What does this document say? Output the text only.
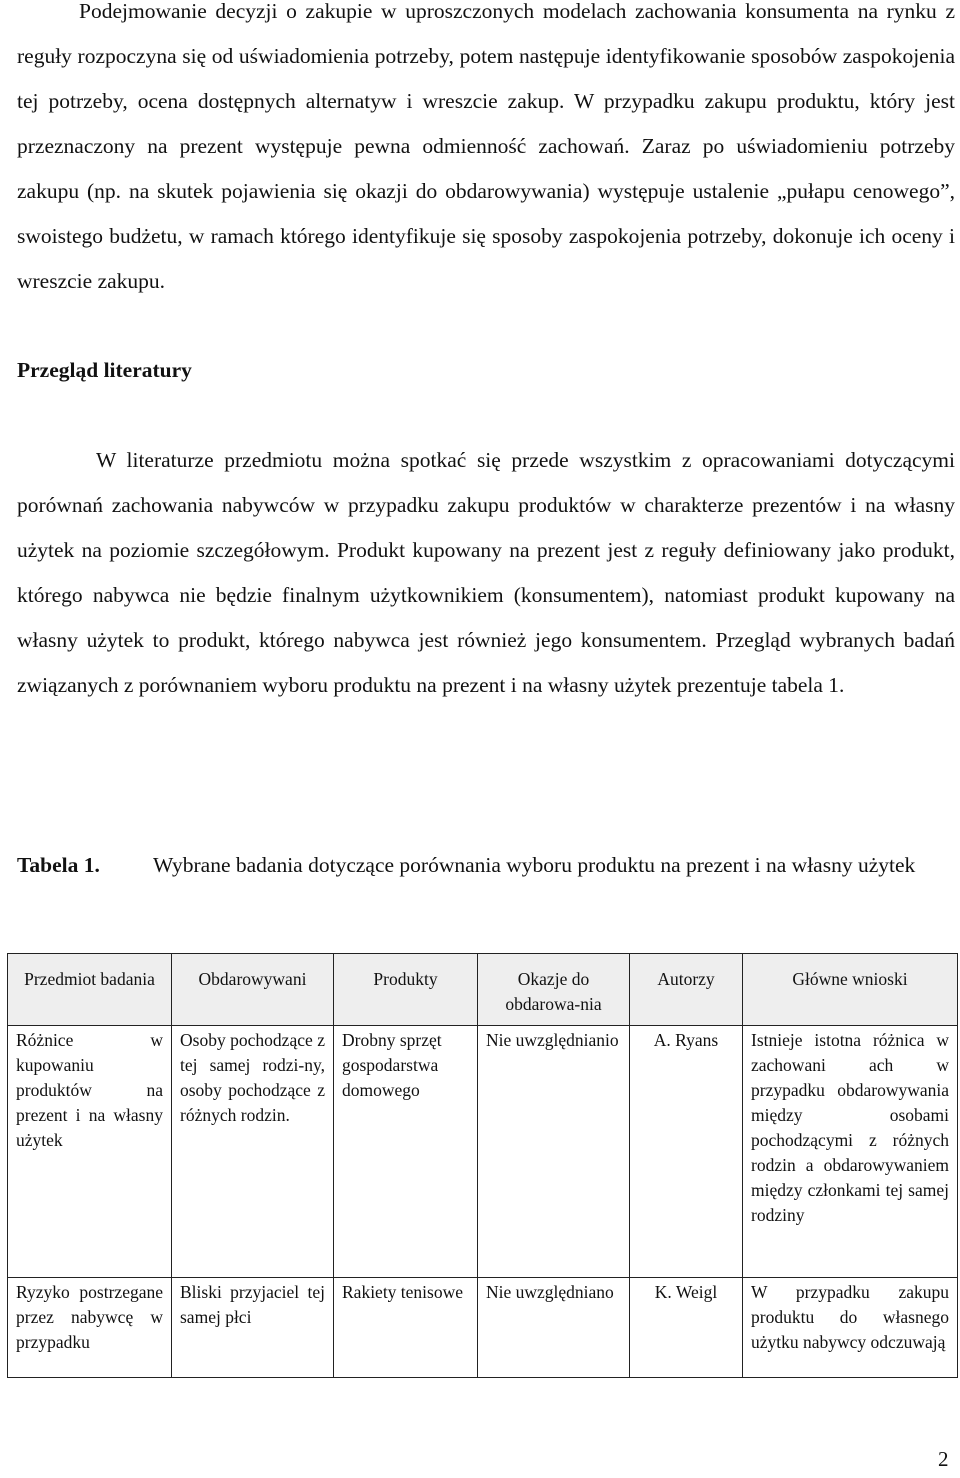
Podejmowanie decyzji o zakupie w uproszczonych modelach zachowania konsumenta na rynku z reguły rozpoczyna się od uświadomienia potrzeby, potem następuje identyfikowanie sposobów zaspokojenia tej potrzeby, ocena dostępnych alternatyw i wreszcie zakup. W przypadku zakupu produktu, który jest przeznaczony na prezent występuje pewna odmienność zachowań. Zaraz po uświadomieniu potrzeby zakupu (np. na skutek pojawienia się okazji do obdarowywania) występuje ustalenie „pułapu cenowego”, swoistego budżetu, w ramach którego identyfikuje się sposoby zaspokojenia potrzeby, dokonuje ich oceny i wreszcie zakupu.

Przegląd literatury

W literaturze przedmiotu można spotkać się przede wszystkim z opracowaniami dotyczącymi porównań zachowania nabywców w przypadku zakupu produktów w charakterze prezentów i na własny użytek na poziomie szczegółowym. Produkt kupowany na prezent jest z reguły definiowany jako produkt, którego nabywca nie będzie finalnym użytkownikiem (konsumentem), natomiast produkt kupowany na własny użytek to produkt, którego nabywca jest również jego konsumentem. Przegląd wybranych badań związanych z porównaniem wyboru produktu na prezent i na własny użytek prezentuje tabela 1.

Tabela 1. Wybrane badania dotyczące porównania wyboru produktu na prezent i na własny użytek
Przedmiot badania	Obdarowywani	Produkty	Okazje do obdarowa-nia	Autorzy	Główne wnioski
Różnice w kupowaniu produktów na prezent i na własny użytek	Osoby pochodzące z tej samej rodzi-ny, osoby pochodzące z różnych rodzin.	Drobny sprzęt gospodarstwa domowego	Nie uwzględnianio	A. Ryans	Istnieje istotna różnica w zachowani ach w przypadku obdarowywania między osobami pochodzącymi z różnych rodzin a obdarowywaniem między członkami tej samej rodziny
Ryzyko postrzegane przez nabywcę w przypadku	Bliski przyjaciel tej samej płci	Rakiety tenisowe	Nie uwzględniano	K. Weigl	W przypadku zakupu produktu do własnego użytku nabywcy odczuwają
2
